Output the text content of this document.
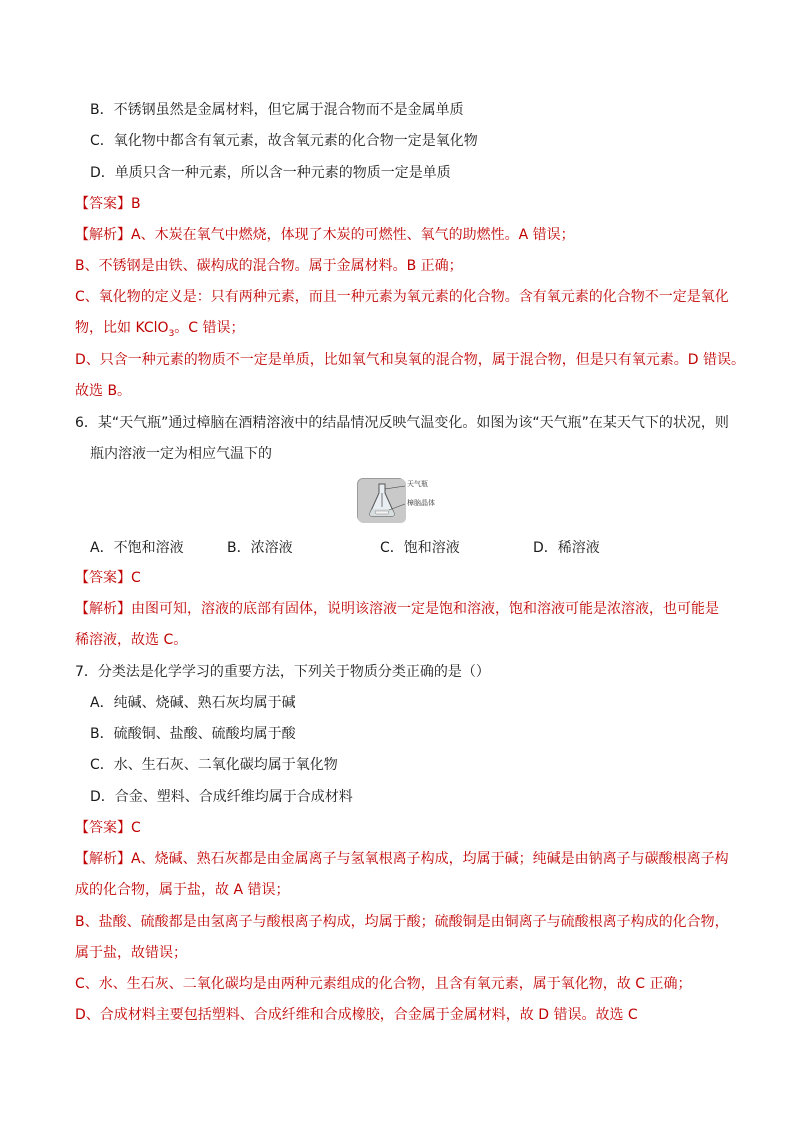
B．不锈钢虽然是金属材料，但它属于混合物而不是金属单质
C．氧化物中都含有氧元素，故含氧元素的化合物一定是氧化物
D．单质只含一种元素，所以含一种元素的物质一定是单质
【答案】B
【解析】A、木炭在氧气中燃烧，体现了木炭的可燃性、氧气的助燃性。A 错误；
B、不锈钢是由铁、碳构成的混合物。属于金属材料。B 正确；
C、氧化物的定义是：只有两种元素，而且一种元素为氧元素的化合物。含有氧元素的化合物不一定是氧化
物，比如 KClO$_3$。C 错误；
D、只含一种元素的物质不一定是单质，比如氧气和臭氧的混合物，属于混合物，但是只有氧元素。D 错误。
故选 B。
6．某“天气瓶”通过樟脑在酒精溶液中的结晶情况反映气温变化。如图为该“天气瓶”在某天气下的状况，则
瓶内溶液一定为相应气温下的
天气瓶
樟脑晶体
A．不饱和溶液	B．浓溶液	C．饱和溶液	D．稀溶液
【答案】C
【解析】由图可知，溶液的底部有固体，说明该溶液一定是饱和溶液，饱和溶液可能是浓溶液，也可能是
稀溶液，故选 C。
7．分类法是化学学习的重要方法，下列关于物质分类正确的是（）
A．纯碱、烧碱、熟石灰均属于碱
B．硫酸铜、盐酸、硫酸均属于酸
C．水、生石灰、二氧化碳均属于氧化物
D．合金、塑料、合成纤维均属于合成材料
【答案】C
【解析】A、烧碱、熟石灰都是由金属离子与氢氧根离子构成，均属于碱；纯碱是由钠离子与碳酸根离子构
成的化合物，属于盐，故 A 错误；
B、盐酸、硫酸都是由氢离子与酸根离子构成，均属于酸；硫酸铜是由铜离子与硫酸根离子构成的化合物，
属于盐，故错误；
C、水、生石灰、二氧化碳均是由两种元素组成的化合物，且含有氧元素，属于氧化物，故 C 正确；
D、合成材料主要包括塑料、合成纤维和合成橡胶，合金属于金属材料，故 D 错误。故选 C
